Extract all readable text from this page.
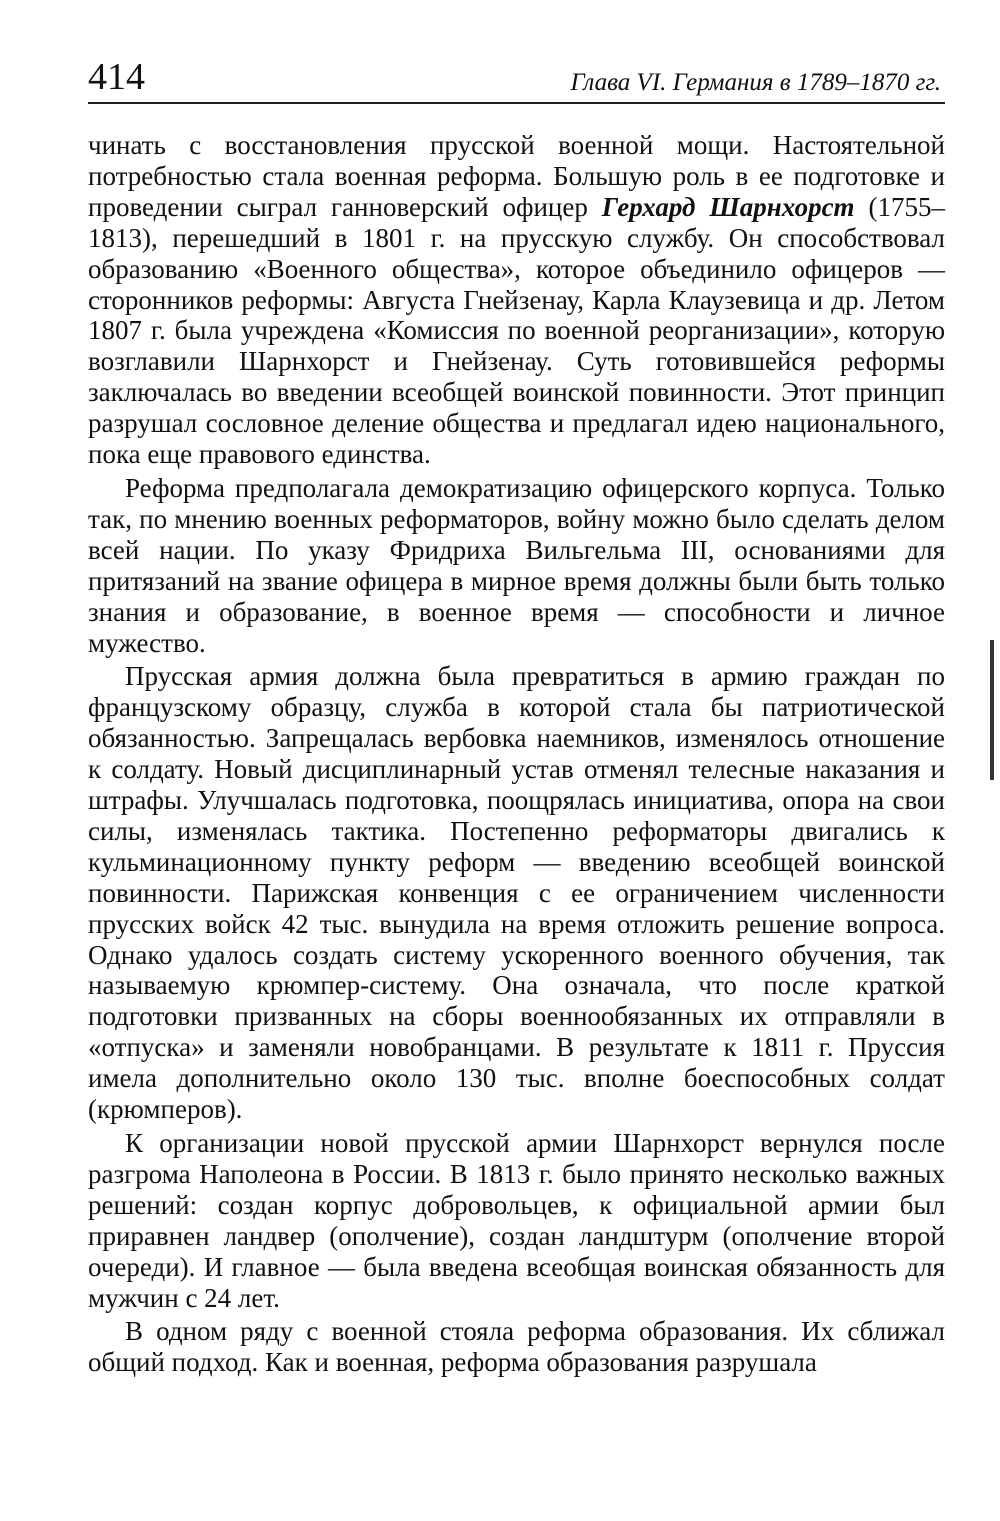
414	Глава VI. Германия в 1789–1870 гг.

чинать с восстановления прусской военной мощи. Настоятельной потребностью стала военная реформа. Большую роль в ее подготовке и проведении сыграл ганноверский офицер Герхард Шарнхорст (1755–1813), перешедший в 1801 г. на прусскую службу. Он способствовал образованию «Военного общества», которое объединило офицеров — сторонников реформы: Августа Гнейзенау, Карла Клаузевица и др. Летом 1807 г. была учреждена «Комиссия по военной реорганизации», которую возглавили Шарнхорст и Гнейзенау. Суть готовившейся реформы заключалась во введении всеобщей воинской повинности. Этот принцип разрушал сословное деление общества и предлагал идею национального, пока еще правового единства.

Реформа предполагала демократизацию офицерского корпуса. Только так, по мнению военных реформаторов, войну можно было сделать делом всей нации. По указу Фридриха Вильгельма III, основаниями для притязаний на звание офицера в мирное время должны были быть только знания и образование, в военное время — способности и личное мужество.

Прусская армия должна была превратиться в армию граждан по французскому образцу, служба в которой стала бы патриотической обязанностью. Запрещалась вербовка наемников, изменялось отношение к солдату. Новый дисциплинарный устав отменял телесные наказания и штрафы. Улучшалась подготовка, поощрялась инициатива, опора на свои силы, изменялась тактика. Постепенно реформаторы двигались к кульминационному пункту реформ — введению всеобщей воинской повинности. Парижская конвенция с ее ограничением численности прусских войск 42 тыс. вынудила на время отложить решение вопроса. Однако удалось создать систему ускоренного военного обучения, так называемую крюмпер-систему. Она означала, что после краткой подготовки призванных на сборы военнообязанных их отправляли в «отпуска» и заменяли новобранцами. В результате к 1811 г. Пруссия имела дополнительно около 130 тыс. вполне боеспособных солдат (крюмперов).

К организации новой прусской армии Шарнхорст вернулся после разгрома Наполеона в России. В 1813 г. было принято несколько важных решений: создан корпус добровольцев, к официальной армии был приравнен ландвер (ополчение), создан ландштурм (ополчение второй очереди). И главное — была введена всеобщая воинская обязанность для мужчин с 24 лет.

В одном ряду с военной стояла реформа образования. Их сближал общий подход. Как и военная, реформа образования разрушала
